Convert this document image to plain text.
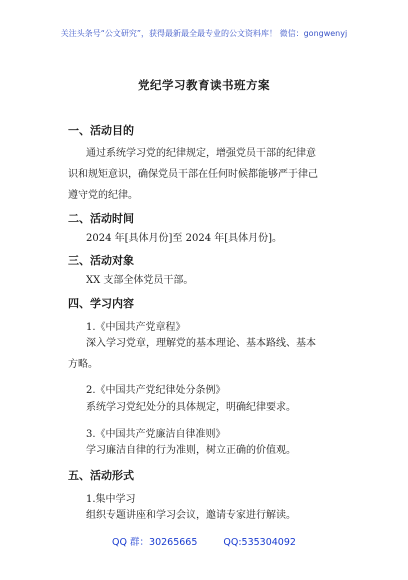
关注头条号“公文研究”，获得最新最全最专业的公文资料库！ 微信：gongwenyj
党纪学习教育读书班方案
一、活动目的
通过系统学习党的纪律规定，增强党员干部的纪律意
识和规矩意识，确保党员干部在任何时候都能够严于律己
遵守党的纪律。
二、活动时间
2024 年[具体月份]至 2024 年[具体月份]。
三、活动对象
XX 支部全体党员干部。
四、学习内容
1.《中国共产党章程》
深入学习党章，理解党的基本理论、基本路线、基本
方略。
2.《中国共产党纪律处分条例》
系统学习党纪处分的具体规定，明确纪律要求。
3.《中国共产党廉洁自律准则》
学习廉洁自律的行为准则，树立正确的价值观。
五、活动形式
1.集中学习
组织专题讲座和学习会议，邀请专家进行解读。
QQ 群：30265665	QQ:535304092
